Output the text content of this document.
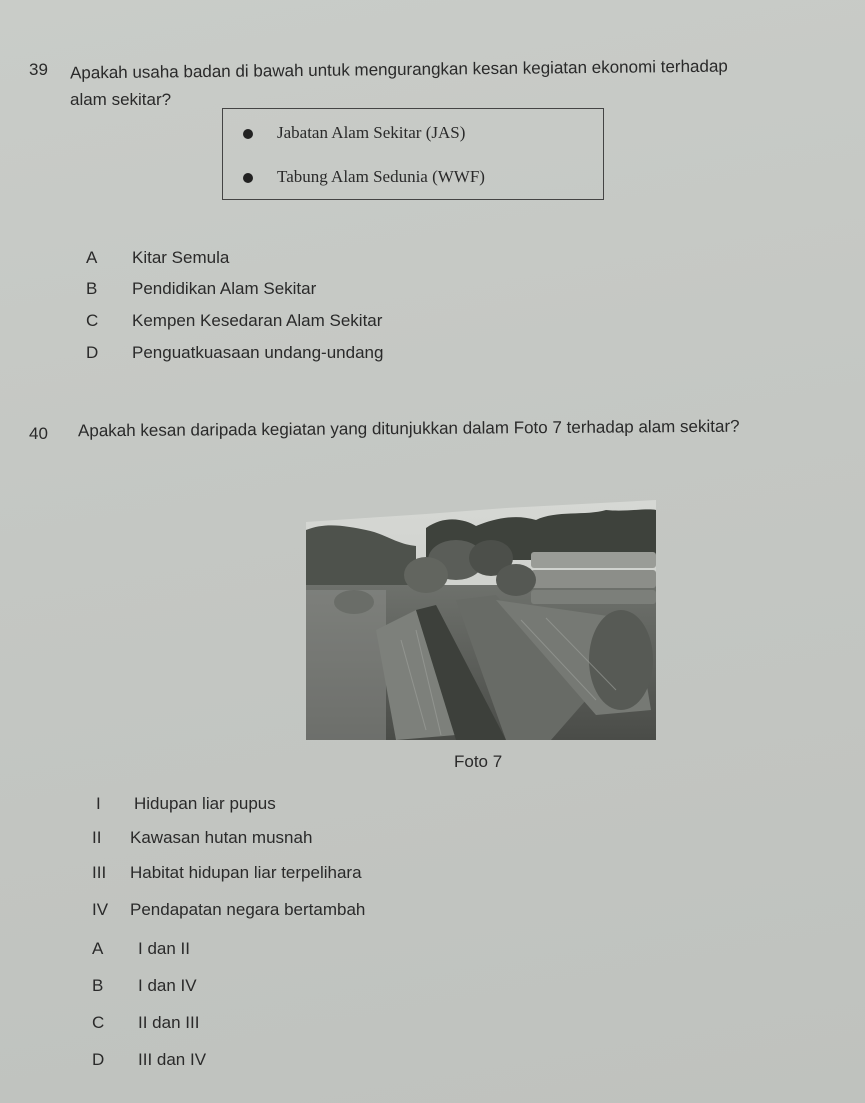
39 Apakah usaha badan di bawah untuk mengurangkan kesan kegiatan ekonomi terhadap
alam sekitar?
Jabatan Alam Sekitar (JAS)
Tabung Alam Sedunia (WWF)
A Kitar Semula
B Pendidikan Alam Sekitar
C Kempen Kesedaran Alam Sekitar
D Penguatkuasaan undang-undang
40 Apakah kesan daripada kegiatan yang ditunjukkan dalam Foto 7 terhadap alam sekitar?
Foto 7
I Hidupan liar pupus
II Kawasan hutan musnah
III Habitat hidupan liar terpelihara
IV Pendapatan negara bertambah
A I dan II
B I dan IV
C II dan III
D III dan IV
